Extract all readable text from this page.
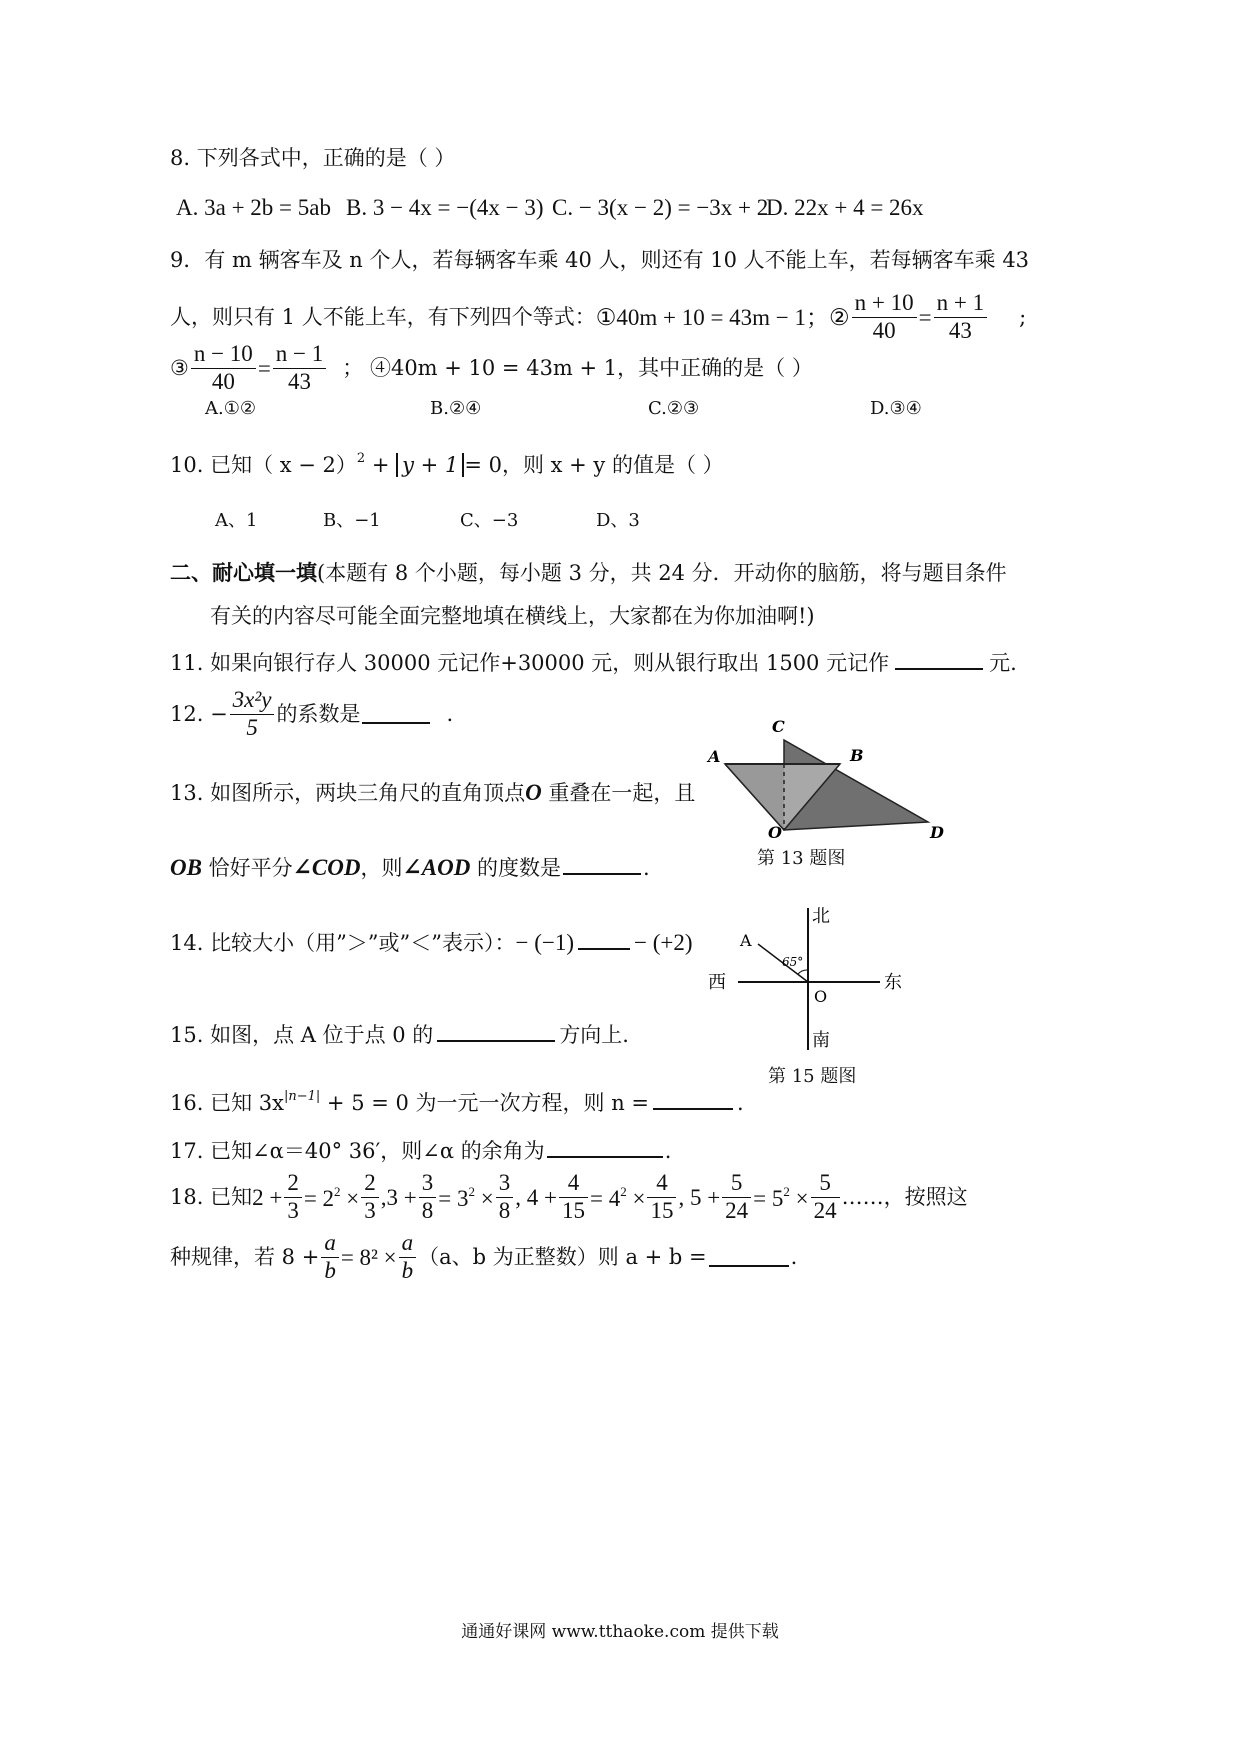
8. 下列各式中，正确的是（ ）
A. 3a + 2b = 5ab B. 3 − 4x = −(4x − 3) C. − 3(x − 2) = −3x + 2
D. 22x + 4 = 26x
9．有 m 辆客车及 n 个人，若每辆客车乘 40 人，则还有 10 人不能上车，若每辆客车乘 43
人，则只有 1 人不能上车，有下列四个等式： ①40m + 10 = 43m − 1；② $\frac{n + 10}{40} = \frac{n + 1}{43}$ ;
③ $\frac{n - 10}{40} = \frac{n - 1}{43}$ ； ④40m + 10 = 43m + 1，其中正确的是（ ）
A.①②	B.②④	C.②③	D.③④
10. 已知（ x − 2）$^2$ + y + 1 = 0，则 x + y 的值是（ ）
A、1	B、−1	C、−3	D、3
二、耐心填一填(本题有 8 个小题，每小题 3 分，共 24 分．开动你的脑筋，将与题目条件
有关的内容尽可能全面完整地填在横线上，大家都在为你加油啊!)
11. 如果向银行存人 30000 元记作+30000 元，则从银行取出 1500 元记作	元.
12. − $\frac{\text{3x²y}}{5}$ 的系数是	.
13. 如图所示，两块三角尺的直角顶点O 重叠在一起，且
OB 恰好平分∠COD，则∠AOD 的度数是	.
A
C
B
O	D
第 13 题图
14. 比较大小（用”＞”或”＜”表示）：− (−1)	− (+2)
北
南
西	东
A
O
65°
15. 如图，点 A 位于点 0 的	方向上.
第 15 题图
16. 已知 $3x^{|n-1|} + 5 = 0$ 为一元一次方程，则 n =	.
17. 已知∠α＝40° 36′，则∠α 的余角为	.
18. 已知 $2 + \frac{2}{3} = 2^2 \times \frac{2}{3} ,3 + \frac{3}{8} = 3^2 \times \frac{3}{8}$ , $4 + \frac{4}{15} = 4^2 \times \frac{4}{15}$ , $5 + \frac{5}{24} = 5^2 \times \frac{5}{24}$ ……，按照这
种规律，若 $8 + \frac{a}{b} = 8^2 \times \frac{a}{b} (a$、b 为正整数）则 a + b =	.
通通好课网 www.tthaoke.com 提供下载
